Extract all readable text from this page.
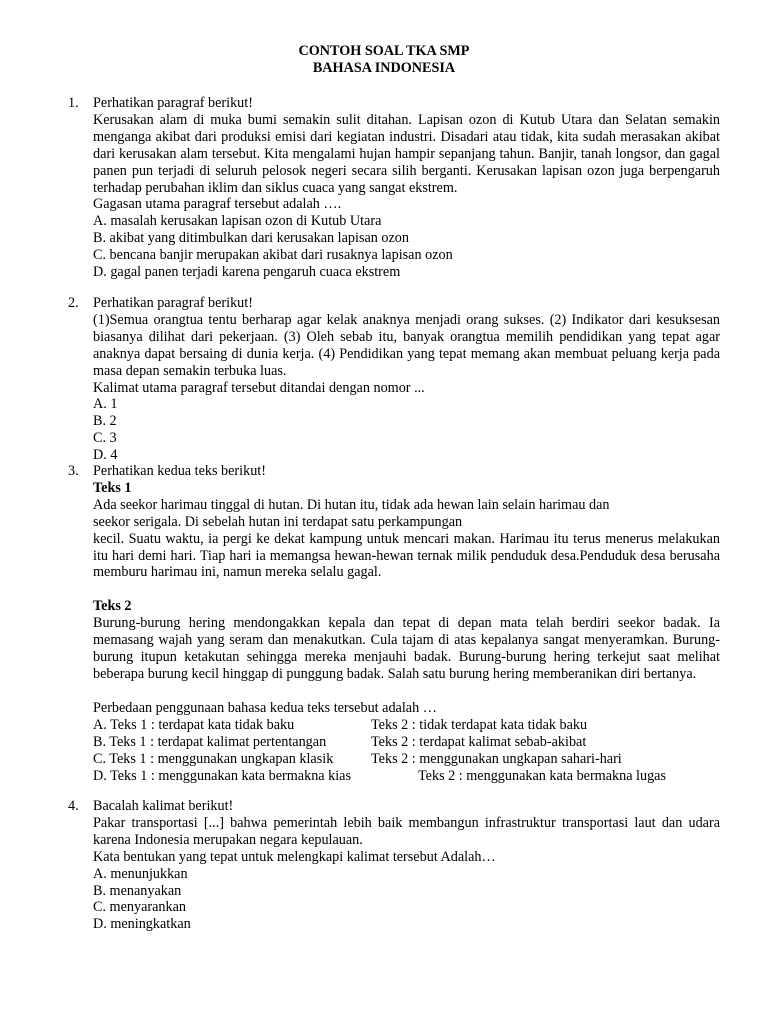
CONTOH SOAL TKA SMP
BAHASA INDONESIA
1. Perhatikan paragraf berikut!
Kerusakan alam di muka bumi semakin sulit ditahan. Lapisan ozon di Kutub Utara dan Selatan semakin menganga akibat dari produksi emisi dari kegiatan industri. Disadari atau tidak, kita sudah merasakan akibat dari kerusakan alam tersebut. Kita mengalami hujan hampir sepanjang tahun. Banjir, tanah longsor, dan gagal panen pun terjadi di seluruh pelosok negeri secara silih berganti. Kerusakan lapisan ozon juga berpengaruh terhadap perubahan iklim dan siklus cuaca yang sangat ekstrem.
Gagasan utama paragraf tersebut adalah ….
A. masalah kerusakan lapisan ozon di Kutub Utara
B. akibat yang ditimbulkan dari kerusakan lapisan ozon
C. bencana banjir merupakan akibat dari rusaknya lapisan ozon
D. gagal panen terjadi karena pengaruh cuaca ekstrem
2. Perhatikan paragraf berikut!
(1)Semua orangtua tentu berharap agar kelak anaknya menjadi orang sukses. (2) Indikator dari kesuksesan biasanya dilihat dari pekerjaan. (3) Oleh sebab itu, banyak orangtua memilih pendidikan yang tepat agar anaknya dapat bersaing di dunia kerja. (4) Pendidikan yang tepat memang akan membuat peluang kerja pada masa depan semakin terbuka luas.
Kalimat utama paragraf tersebut ditandai dengan nomor ...
A. 1
B. 2
C. 3
D. 4
3. Perhatikan kedua teks berikut!
Teks 1
Ada seekor harimau tinggal di hutan. Di hutan itu, tidak ada hewan lain selain harimau dan
seekor serigala. Di sebelah hutan ini terdapat satu perkampungan
kecil. Suatu waktu, ia pergi ke dekat kampung untuk mencari makan. Harimau itu terus menerus melakukan itu hari demi hari. Tiap hari ia memangsa hewan-hewan ternak milik penduduk desa.Penduduk desa berusaha memburu harimau ini, namun mereka selalu gagal.
Teks 2
Burung-burung hering mendongakkan kepala dan tepat di depan mata telah berdiri seekor badak. Ia memasang wajah yang seram dan menakutkan. Cula tajam di atas kepalanya sangat menyeramkan. Burung-burung itupun ketakutan sehingga mereka menjauhi badak. Burung-burung hering terkejut saat melihat beberapa burung kecil hinggap di punggung badak. Salah satu burung hering memberanikan diri bertanya.
Perbedaan penggunaan bahasa kedua teks tersebut adalah …
A. Teks 1 : terdapat kata tidak baku	Teks 2 : tidak terdapat kata tidak baku
B. Teks 1 : terdapat kalimat pertentangan	Teks 2 : terdapat kalimat sebab-akibat
C. Teks 1 : menggunakan ungkapan klasik	Teks 2 : menggunakan ungkapan sahari-hari
D. Teks 1 : menggunakan kata bermakna kias	Teks 2 : menggunakan kata bermakna lugas
4. Bacalah kalimat berikut!
Pakar transportasi [...] bahwa pemerintah lebih baik membangun infrastruktur transportasi laut dan udara karena Indonesia merupakan negara kepulauan.
Kata bentukan yang tepat untuk melengkapi kalimat tersebut Adalah…
A. menunjukkan
B. menanyakan
C. menyarankan
D. meningkatkan
